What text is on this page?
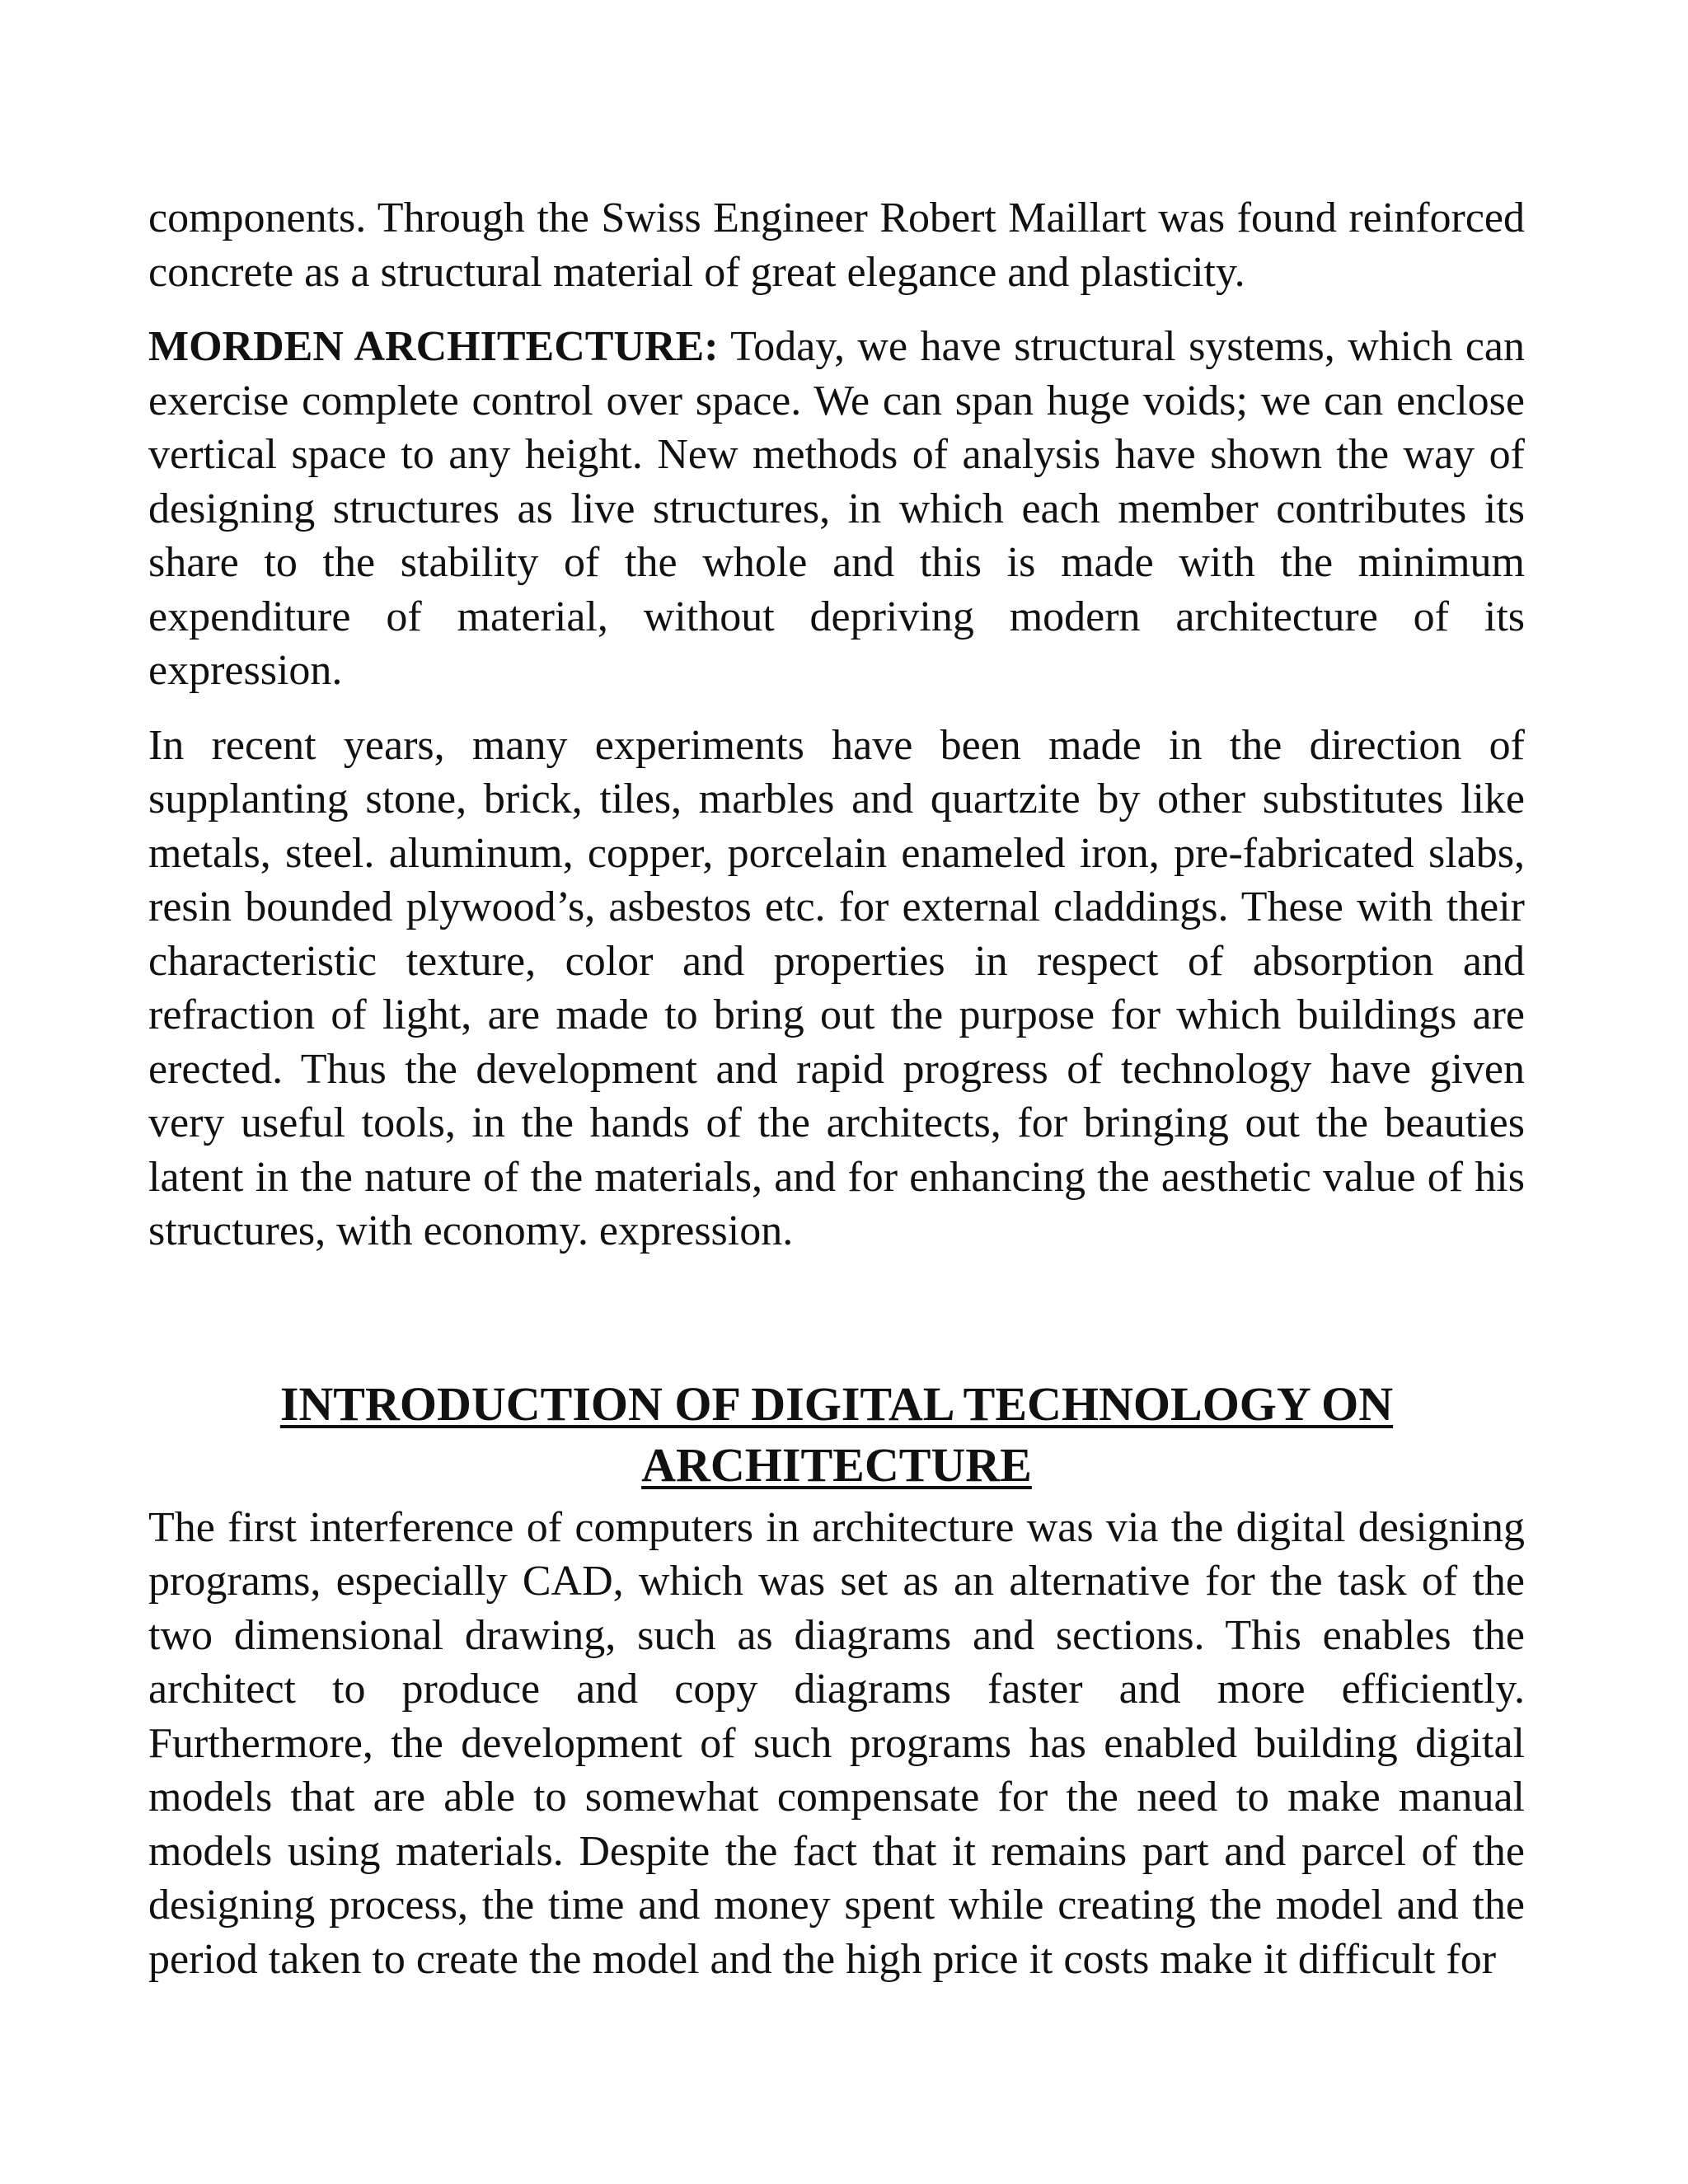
components. Through the Swiss Engineer Robert Maillart was found reinforced concrete as a structural material of great elegance and plasticity.

MORDEN ARCHITECTURE: Today, we have structural systems, which can exercise complete control over space. We can span huge voids; we can enclose vertical space to any height. New methods of analysis have shown the way of designing structures as live structures, in which each member contributes its share to the stability of the whole and this is made with the minimum expenditure of material, without depriving modern architecture of its expression.

In recent years, many experiments have been made in the direction of supplanting stone, brick, tiles, marbles and quartzite by other substitutes like metals, steel. aluminum, copper, porcelain enameled iron, pre-fabricated slabs, resin bounded plywood’s, asbestos etc. for external claddings. These with their characteristic texture, color and properties in respect of absorption and refraction of light, are made to bring out the purpose for which buildings are erected. Thus the development and rapid progress of technology have given very useful tools, in the hands of the architects, for bringing out the beauties latent in the nature of the materials, and for enhancing the aesthetic value of his structures, with economy. expression.

INTRODUCTION OF DIGITAL TECHNOLOGY ON
ARCHITECTURE

The first interference of computers in architecture was via the digital designing programs, especially CAD, which was set as an alternative for the task of the two dimensional drawing, such as diagrams and sections. This enables the architect to produce and copy diagrams faster and more efficiently. Furthermore, the development of such programs has enabled building digital models that are able to somewhat compensate for the need to make manual models using materials. Despite the fact that it remains part and parcel of the designing process, the time and money spent while creating the model and the period taken to create the model and the high price it costs make it difficult for
